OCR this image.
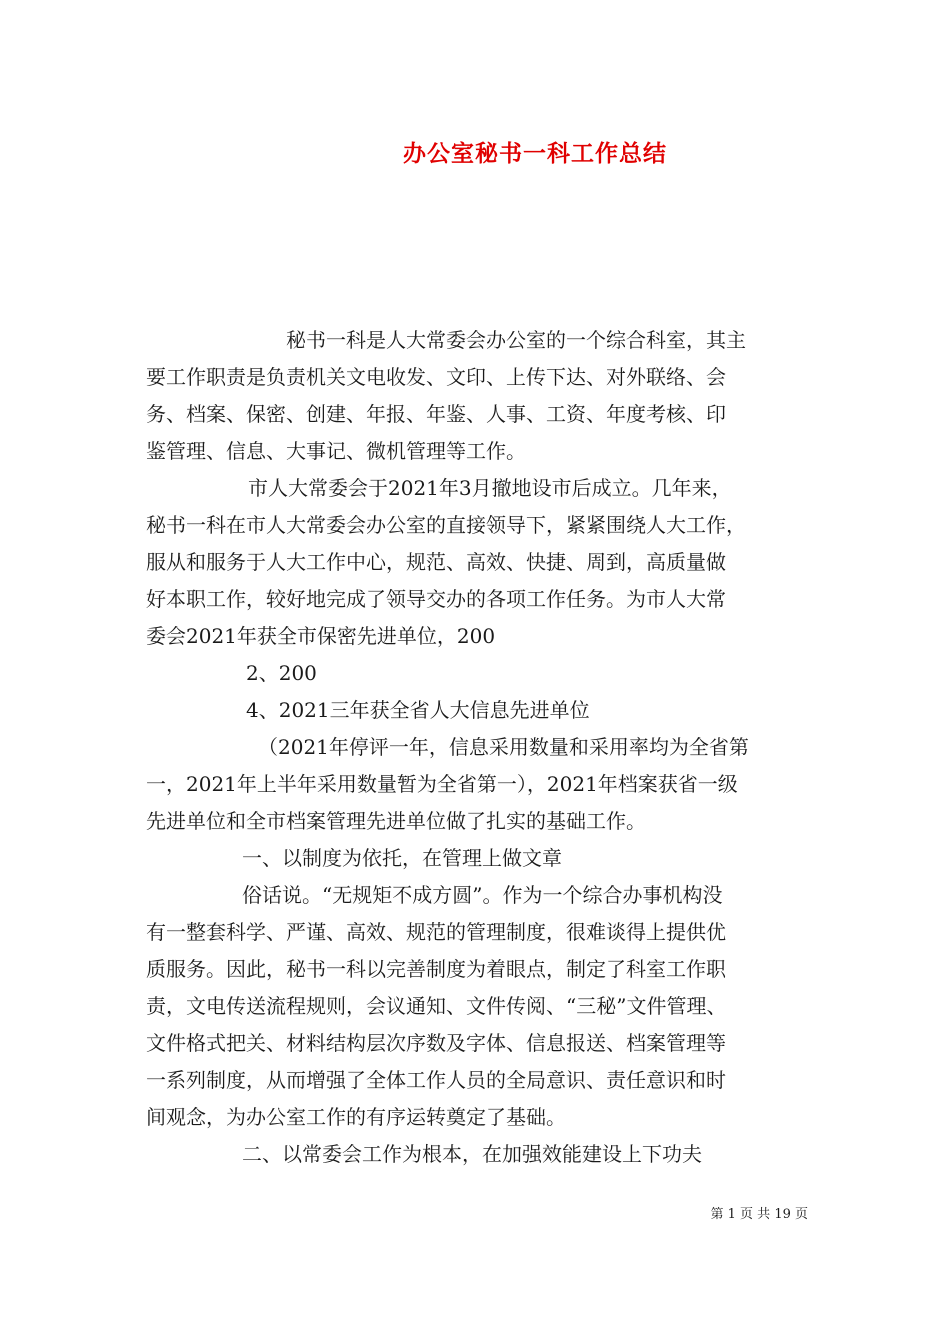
办公室秘书一科工作总结
秘书一科是人大常委会办公室的一个综合科室，其主
要工作职责是负责机关文电收发、文印、上传下达、对外联络、会
务、档案、保密、创建、年报、年鉴、人事、工资、年度考核、印
鉴管理、信息、大事记、微机管理等工作。
市人大常委会于2021年3月撤地设市后成立。几年来，
秘书一科在市人大常委会办公室的直接领导下，紧紧围绕人大工作，
服从和服务于人大工作中心，规范、高效、快捷、周到，高质量做
好本职工作，较好地完成了领导交办的各项工作任务。为市人大常
委会2021年获全市保密先进单位，200
2、200
4、2021三年获全省人大信息先进单位
（2021年停评一年，信息采用数量和采用率均为全省第
一，2021年上半年采用数量暂为全省第一），2021年档案获省一级
先进单位和全市档案管理先进单位做了扎实的基础工作。
一、以制度为依托，在管理上做文章
俗话说。“无规矩不成方圆”。作为一个综合办事机构没
有一整套科学、严谨、高效、规范的管理制度，很难谈得上提供优
质服务。因此，秘书一科以完善制度为着眼点，制定了科室工作职
责，文电传送流程规则，会议通知、文件传阅、“三秘”文件管理、
文件格式把关、材料结构层次序数及字体、信息报送、档案管理等
一系列制度，从而增强了全体工作人员的全局意识、责任意识和时
间观念，为办公室工作的有序运转奠定了基础。
二、以常委会工作为根本，在加强效能建设上下功夫
第 1 页 共 19 页
